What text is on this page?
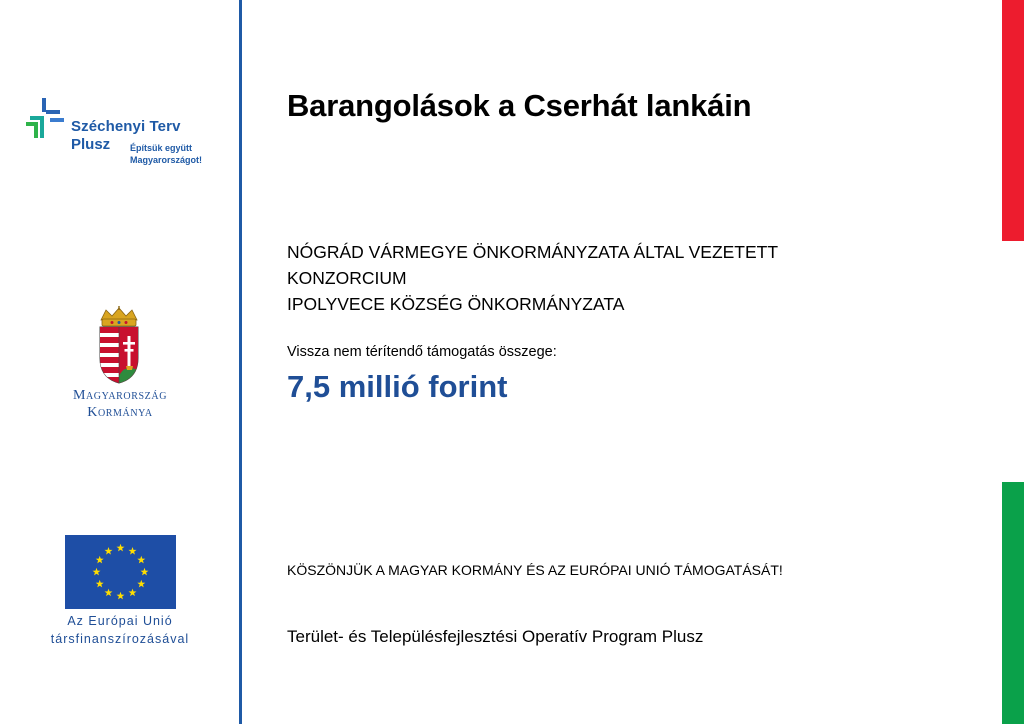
Széchenyi Terv
Plusz Építsük együtt
Magyarországot!
Magyarország
Kormánya
Az Európai Unió
társfinanszírozásával
Barangolások a Cserhát lankáin
NÓGRÁD VÁRMEGYE ÖNKORMÁNYZATA ÁLTAL VEZETETT
KONZORCIUM
IPOLYVECE KÖZSÉG ÖNKORMÁNYZATA
Vissza nem térítendő támogatás összege:
7,5 millió forint
KÖSZÖNJÜK A MAGYAR KORMÁNY ÉS AZ EURÓPAI UNIÓ TÁMOGATÁSÁT!
Terület- és Településfejlesztési Operatív Program Plusz
